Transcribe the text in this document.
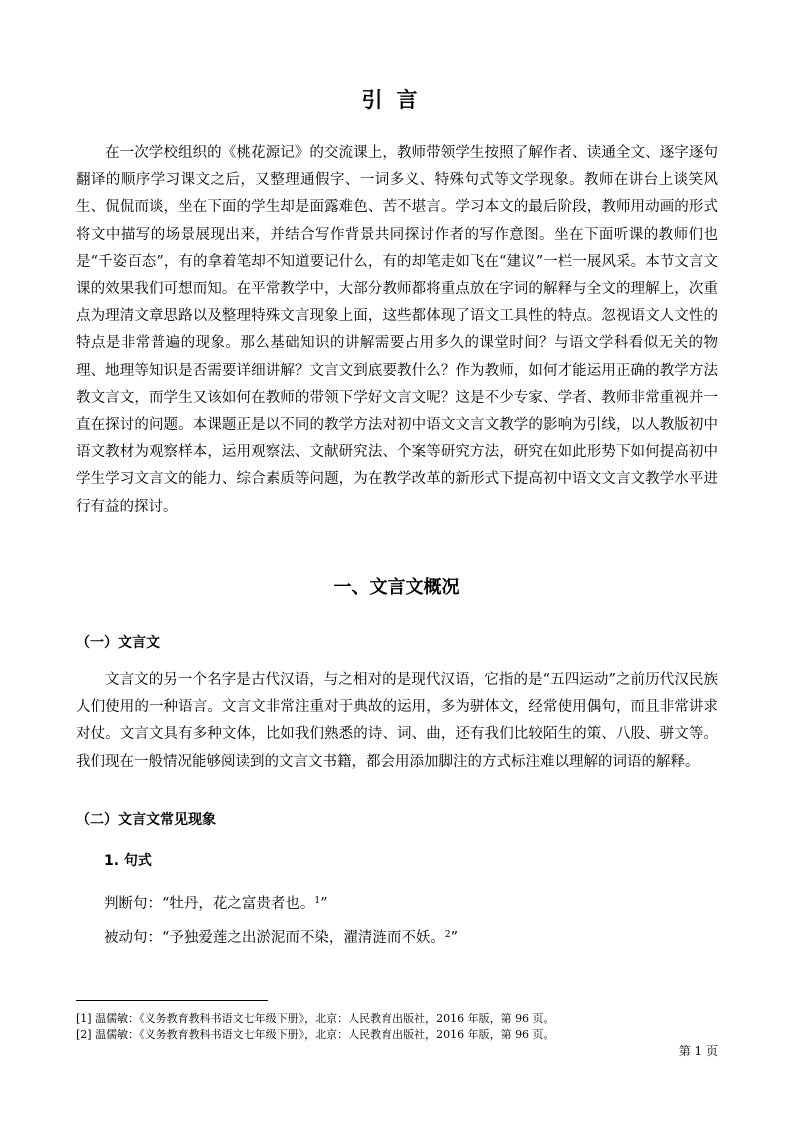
引言

在一次学校组织的《桃花源记》的交流课上，教师带领学生按照了解作者、读通全文、逐字逐句翻译的顺序学习课文之后，又整理通假字、一词多义、特殊句式等文学现象。教师在讲台上谈笑风生、侃侃而谈，坐在下面的学生却是面露难色、苦不堪言。学习本文的最后阶段，教师用动画的形式将文中描写的场景展现出来，并结合写作背景共同探讨作者的写作意图。坐在下面听课的教师们也是“千姿百态”，有的拿着笔却不知道要记什么，有的却笔走如飞在“建议”一栏一展风采。本节文言文课的效果我们可想而知。在平常教学中，大部分教师都将重点放在字词的解释与全文的理解上，次重点为理清文章思路以及整理特殊文言现象上面，这些都体现了语文工具性的特点。忽视语文人文性的特点是非常普遍的现象。那么基础知识的讲解需要占用多久的课堂时间？与语文学科看似无关的物理、地理等知识是否需要详细讲解？文言文到底要教什么？作为教师，如何才能运用正确的教学方法教文言文，而学生又该如何在教师的带领下学好文言文呢？这是不少专家、学者、教师非常重视并一直在探讨的问题。本课题正是以不同的教学方法对初中语文文言文教学的影响为引线，以人教版初中语文教材为观察样本，运用观察法、文献研究法、个案等研究方法，研究在如此形势下如何提高初中学生学习文言文的能力、综合素质等问题，为在教学改革的新形式下提高初中语文文言文教学水平进行有益的探讨。

一、文言文概况
（一）文言文

文言文的另一个名字是古代汉语，与之相对的是现代汉语，它指的是“五四运动”之前历代汉民族人们使用的一种语言。文言文非常注重对于典故的运用，多为骈体文，经常使用偶句，而且非常讲求对仗。文言文具有多种文体，比如我们熟悉的诗、词、曲，还有我们比较陌生的策、八股、骈文等。我们现在一般情况能够阅读到的文言文书籍，都会用添加脚注的方式标注难以理解的词语的解释。

（二）文言文常见现象
1. 句式

判断句：“牡丹，花之富贵者也。$^1$”

被动句：“予独爱莲之出淤泥而不染，濯清涟而不妖。$^2$”

[1] 温儒敏：《义务教育教科书语文七年级下册》，北京：人民教育出版社，2016 年版，第 96 页。

[2] 温儒敏：《义务教育教科书语文七年级下册》，北京：人民教育出版社，2016 年版，第 96 页。

第 1 页
